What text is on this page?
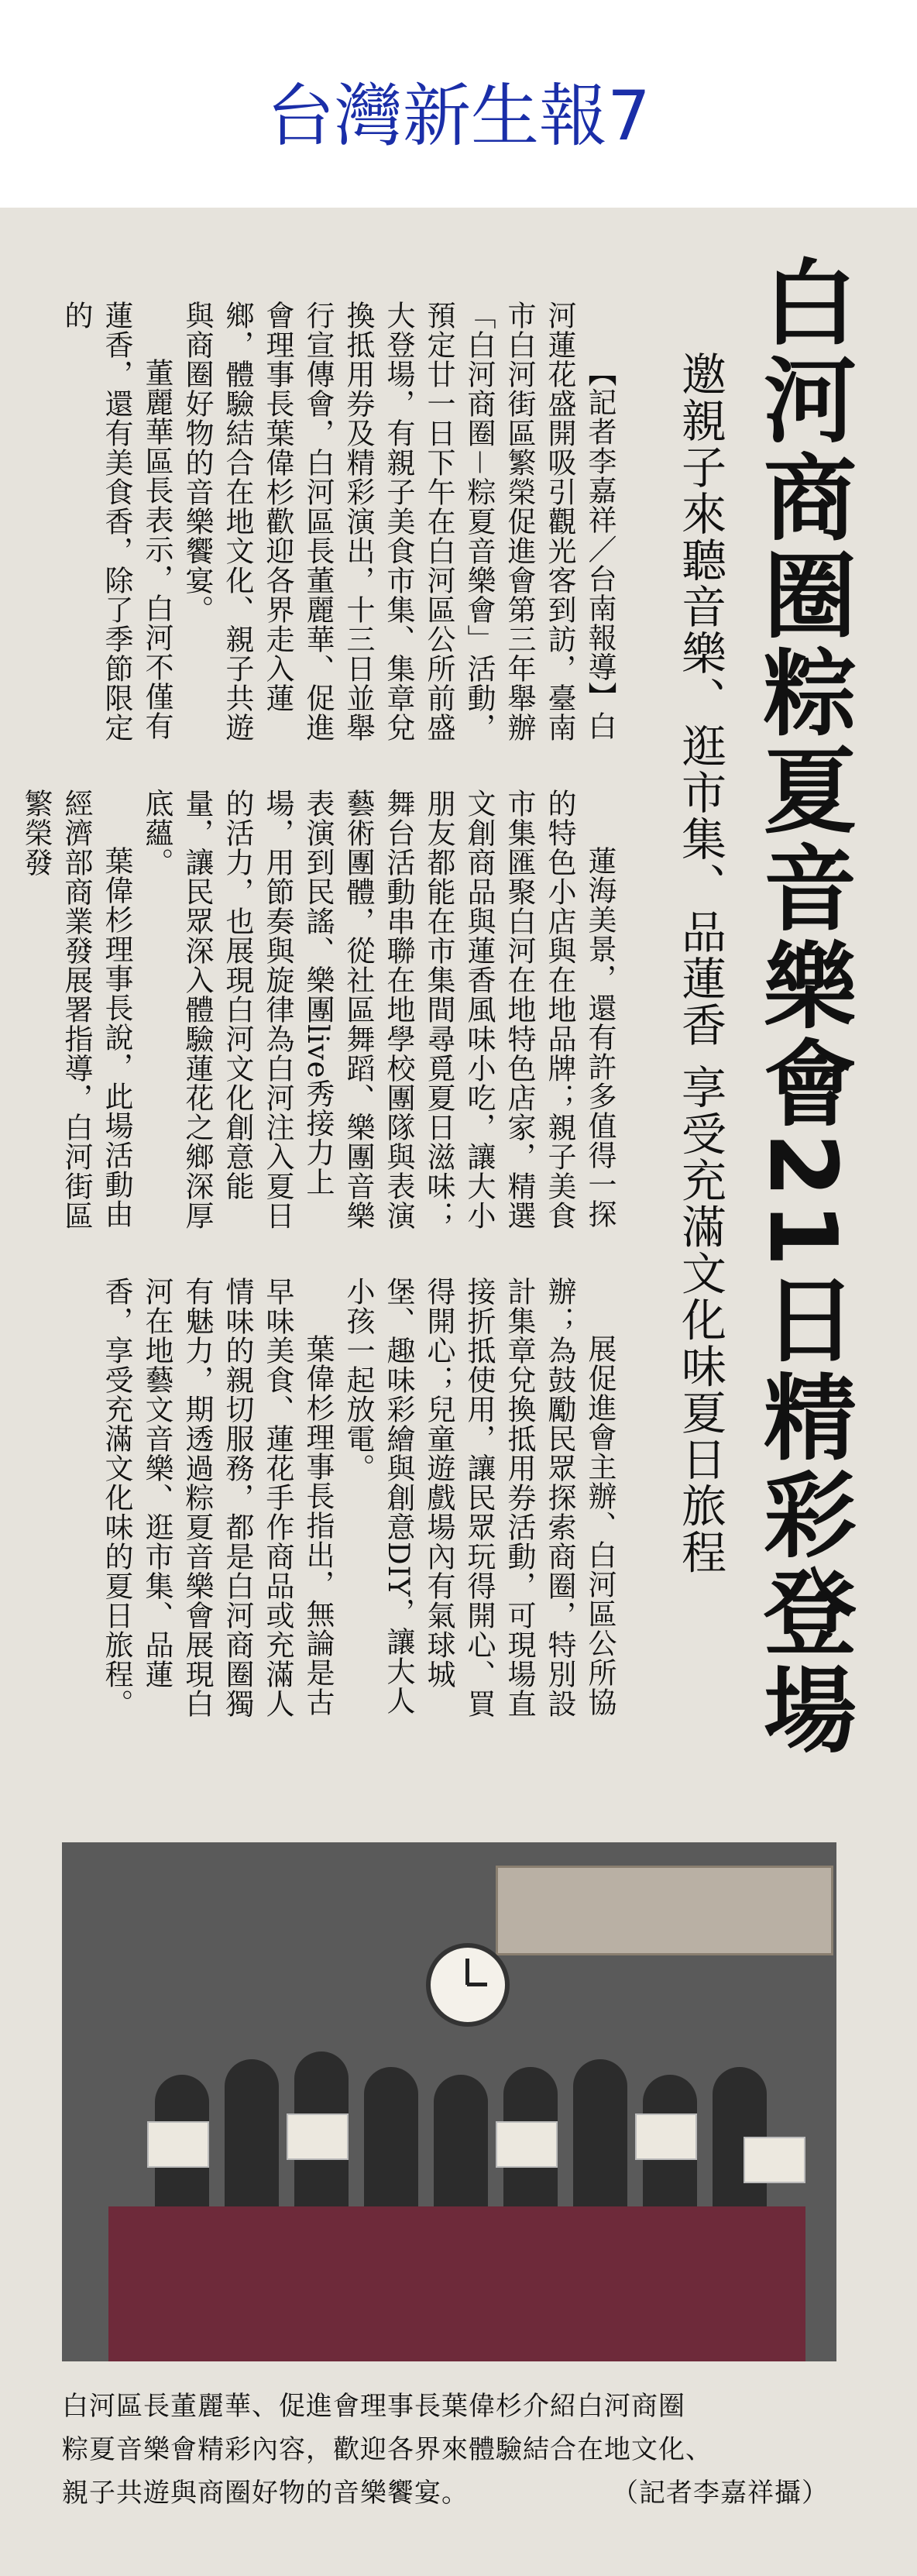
台灣新生報7
白河商圈粽夏音樂會21日精彩登場
邀親子來聽音樂、逛市集、品蓮香 享受充滿文化味夏日旅程

【記者李嘉祥／台南報導】白河蓮花盛開吸引觀光客到訪，臺南市白河街區繁榮促進會第三年舉辦「白河商圈－粽夏音樂會」活動，預定廿一日下午在白河區公所前盛大登場，有親子美食市集、集章兌換抵用券及精彩演出，十三日並舉行宣傳會，白河區長董麗華、促進會理事長葉偉杉歡迎各界走入蓮鄉，體驗結合在地文化、親子共遊與商圈好物的音樂饗宴。

董麗華區長表示，白河不僅有蓮香，還有美食香，除了季節限定的

蓮海美景，還有許多值得一探的特色小店與在地品牌；親子美食市集匯聚白河在地特色店家，精選文創商品與蓮香風味小吃，讓大小朋友都能在市集間尋覓夏日滋味；舞台活動串聯在地學校團隊與表演藝術團體，從社區舞蹈、樂團音樂表演到民謠、樂團live秀接力上場，用節奏與旋律為白河注入夏日的活力，也展現白河文化創意能量，讓民眾深入體驗蓮花之鄉深厚底蘊。

葉偉杉理事長說，此場活動由經濟部商業發展署指導，白河街區繁榮發

展促進會主辦、白河區公所協辦；為鼓勵民眾探索商圈，特別設計集章兌換抵用券活動，可現場直接折抵使用，讓民眾玩得開心、買得開心；兒童遊戲場內有氣球城堡、趣味彩繪與創意DIY，讓大人小孩一起放電。

葉偉杉理事長指出，無論是古早味美食、蓮花手作商品或充滿人情味的親切服務，都是白河商圈獨有魅力，期透過粽夏音樂會展現白河在地藝文音樂、逛市集、品蓮香，享受充滿文化味的夏日旅程。

白河區長董麗華、促進會理事長葉偉杉介紹白河商圈
粽夏音樂會精彩內容，歡迎各界來體驗結合在地文化、
親子共遊與商圈好物的音樂饗宴。	（記者李嘉祥攝）
